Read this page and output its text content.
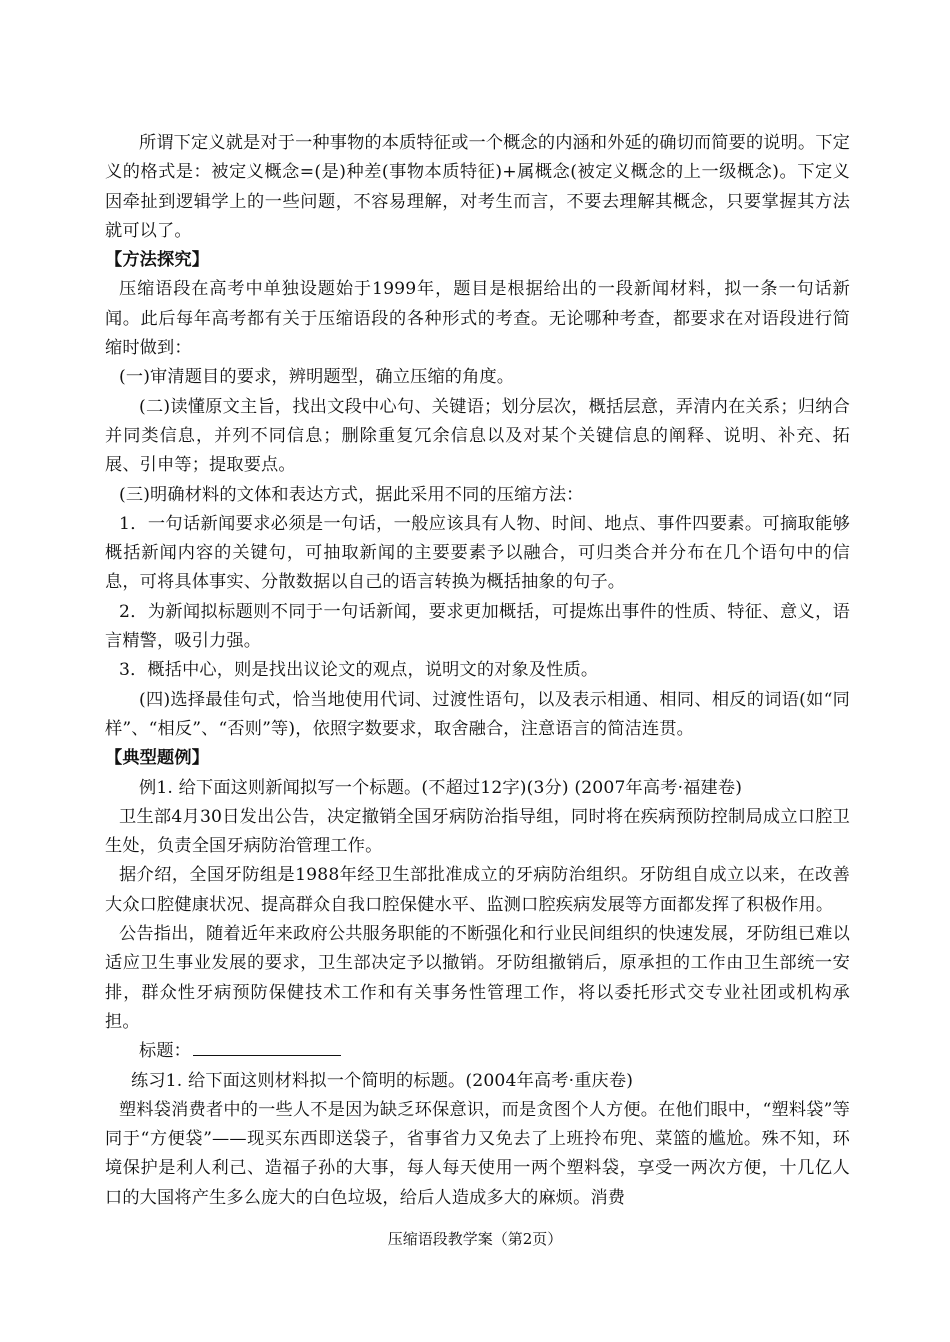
所谓下定义就是对于一种事物的本质特征或一个概念的内涵和外延的确切而简要的说明。下定义的格式是：被定义概念=(是)种差(事物本质特征)+属概念(被定义概念的上一级概念)。下定义因牵扯到逻辑学上的一些问题，不容易理解，对考生而言，不要去理解其概念，只要掌握其方法就可以了。

【方法探究】

压缩语段在高考中单独设题始于1999年，题目是根据给出的一段新闻材料，拟一条一句话新闻。此后每年高考都有关于压缩语段的各种形式的考查。无论哪种考查，都要求在对语段进行简缩时做到：

(一)审清题目的要求，辨明题型，确立压缩的角度。

(二)读懂原文主旨，找出文段中心句、关键语；划分层次，概括层意，弄清内在关系；归纳合并同类信息，并列不同信息；删除重复冗余信息以及对某个关键信息的阐释、说明、补充、拓展、引申等；提取要点。

(三)明确材料的文体和表达方式，据此采用不同的压缩方法：

1．一句话新闻要求必须是一句话，一般应该具有人物、时间、地点、事件四要素。可摘取能够概括新闻内容的关键句，可抽取新闻的主要要素予以融合，可归类合并分布在几个语句中的信息，可将具体事实、分散数据以自己的语言转换为概括抽象的句子。

2．为新闻拟标题则不同于一句话新闻，要求更加概括，可提炼出事件的性质、特征、意义，语言精警，吸引力强。

3．概括中心，则是找出议论文的观点，说明文的对象及性质。

(四)选择最佳句式，恰当地使用代词、过渡性语句，以及表示相通、相同、相反的词语(如“同样”、“相反”、“否则”等)，依照字数要求，取舍融合，注意语言的简洁连贯。

【典型题例】

例1. 给下面这则新闻拟写一个标题。(不超过12字)(3分) (2007年高考·福建卷)

卫生部4月30日发出公告，决定撤销全国牙病防治指导组，同时将在疾病预防控制局成立口腔卫生处，负责全国牙病防治管理工作。

据介绍，全国牙防组是1988年经卫生部批准成立的牙病防治组织。牙防组自成立以来，在改善大众口腔健康状况、提高群众自我口腔保健水平、监测口腔疾病发展等方面都发挥了积极作用。

公告指出，随着近年来政府公共服务职能的不断强化和行业民间组织的快速发展，牙防组已难以适应卫生事业发展的要求，卫生部决定予以撤销。牙防组撤销后，原承担的工作由卫生部统一安排，群众性牙病预防保健技术工作和有关事务性管理工作，将以委托形式交专业社团或机构承担。

标题：

练习1. 给下面这则材料拟一个简明的标题。(2004年高考·重庆卷)

塑料袋消费者中的一些人不是因为缺乏环保意识，而是贪图个人方便。在他们眼中，“塑料袋”等同于“方便袋”——现买东西即送袋子，省事省力又免去了上班拎布兜、菜篮的尴尬。殊不知，环境保护是利人利己、造福子孙的大事，每人每天使用一两个塑料袋，享受一两次方便，十几亿人口的大国将产生多么庞大的白色垃圾，给后人造成多大的麻烦。消费

压缩语段教学案（第2页）
